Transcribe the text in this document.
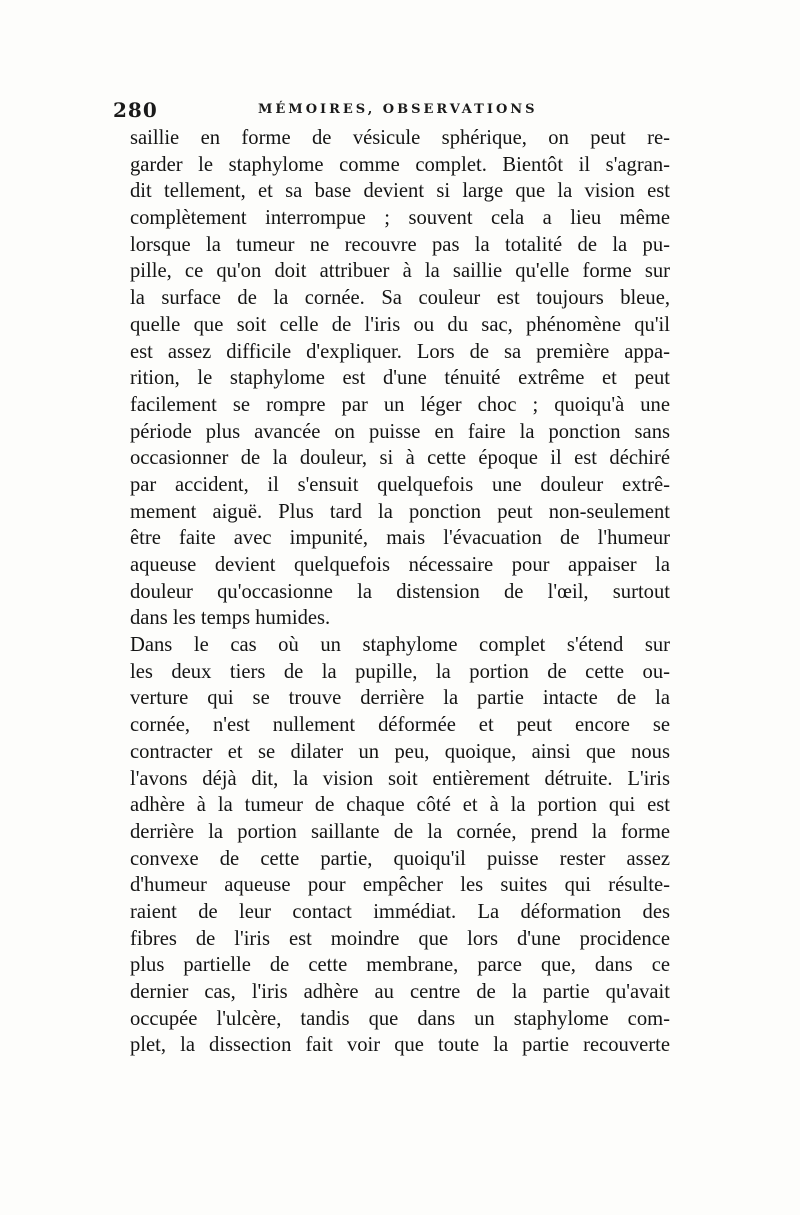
280	MÉMOIRES, OBSERVATIONS
saillie en forme de vésicule sphérique, on peut re-
garder le staphylome comme complet. Bientôt il s'agran-
dit tellement, et sa base devient si large que la vision est
complètement interrompue ; souvent cela a lieu même
lorsque la tumeur ne recouvre pas la totalité de la pu-
pille, ce qu'on doit attribuer à la saillie qu'elle forme sur
la surface de la cornée. Sa couleur est toujours bleue,
quelle que soit celle de l'iris ou du sac, phénomène qu'il
est assez difficile d'expliquer. Lors de sa première appa-
rition, le staphylome est d'une ténuité extrême et peut
facilement se rompre par un léger choc ; quoiqu'à une
période plus avancée on puisse en faire la ponction sans
occasionner de la douleur, si à cette époque il est déchiré
par accident, il s'ensuit quelquefois une douleur extrê-
mement aiguë. Plus tard la ponction peut non-seulement
être faite avec impunité, mais l'évacuation de l'humeur
aqueuse devient quelquefois nécessaire pour appaiser la
douleur qu'occasionne la distension de l'œil, surtout
dans les temps humides.
Dans le cas où un staphylome complet s'étend sur
les deux tiers de la pupille, la portion de cette ou-
verture qui se trouve derrière la partie intacte de la
cornée, n'est nullement déformée et peut encore se
contracter et se dilater un peu, quoique, ainsi que nous
l'avons déjà dit, la vision soit entièrement détruite. L'iris
adhère à la tumeur de chaque côté et à la portion qui est
derrière la portion saillante de la cornée, prend la forme
convexe de cette partie, quoiqu'il puisse rester assez
d'humeur aqueuse pour empêcher les suites qui résulte-
raient de leur contact immédiat. La déformation des
fibres de l'iris est moindre que lors d'une procidence
plus partielle de cette membrane, parce que, dans ce
dernier cas, l'iris adhère au centre de la partie qu'avait
occupée l'ulcère, tandis que dans un staphylome com-
plet, la dissection fait voir que toute la partie recouverte
